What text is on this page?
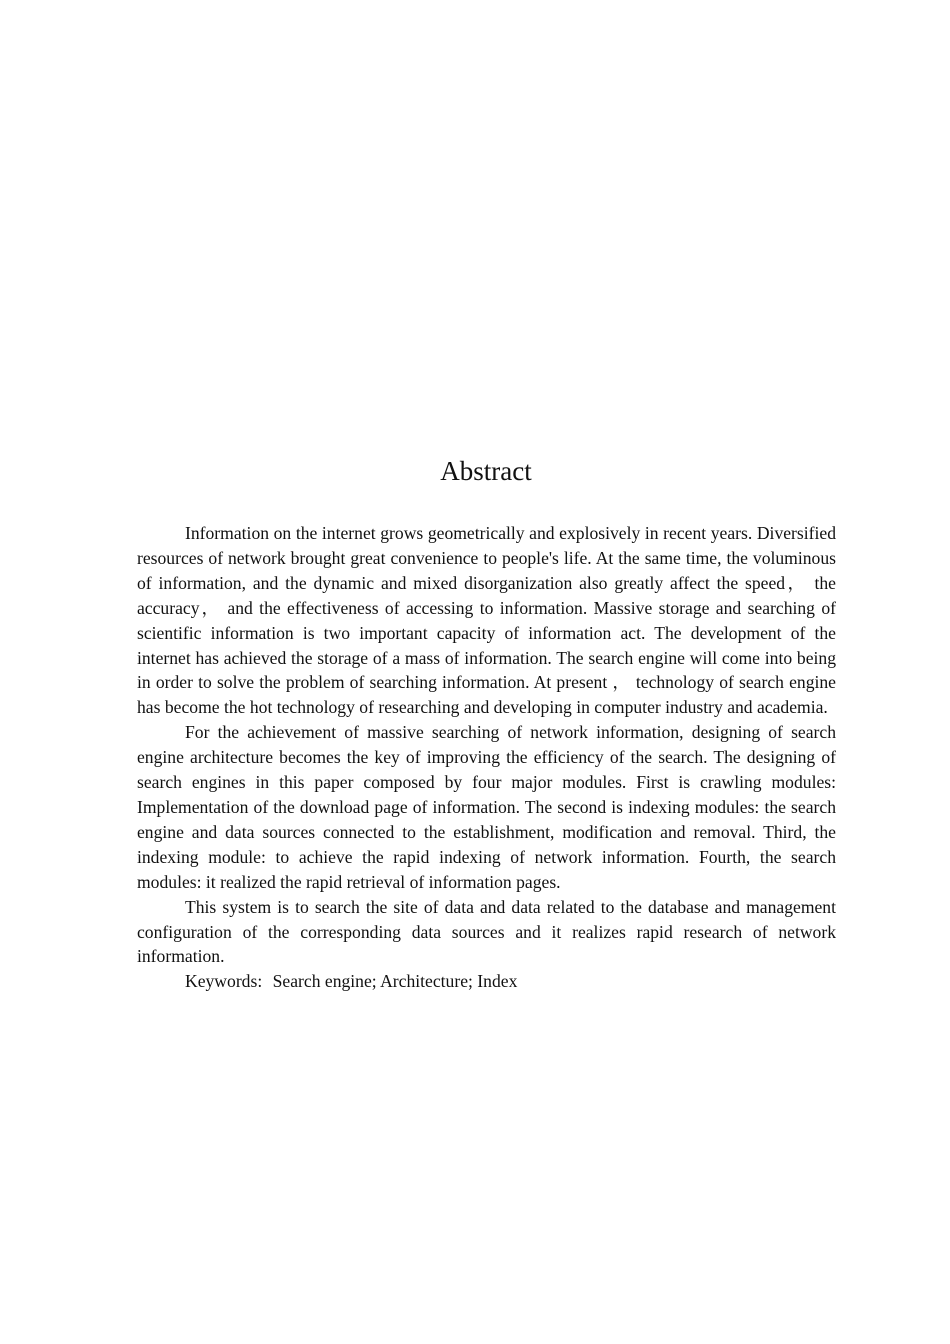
Abstract

Information on the internet grows geometrically and explosively in recent years. Diversified resources of network brought great convenience to people's life. At the same time, the voluminous of information, and the dynamic and mixed disorganization also greatly affect the speed， the accuracy， and the effectiveness of accessing to information. Massive storage and searching of scientific information is two important capacity of information act. The development of the internet has achieved the storage of a mass of information. The search engine will come into being in order to solve the problem of searching information. At present ， technology of search engine has become the hot technology of researching and developing in computer industry and academia.

For the achievement of massive searching of network information, designing of search engine architecture becomes the key of improving the efficiency of the search. The designing of search engines in this paper composed by four major modules. First is crawling modules: Implementation of the download page of information. The second is indexing modules: the search engine and data sources connected to the establishment, modification and removal. Third, the indexing module: to achieve the rapid indexing of network information. Fourth, the search modules: it realized the rapid retrieval of information pages.

This system is to search the site of data and data related to the database and management configuration of the corresponding data sources and it realizes rapid research of network information.

Keywords: Search engine; Architecture; Index
